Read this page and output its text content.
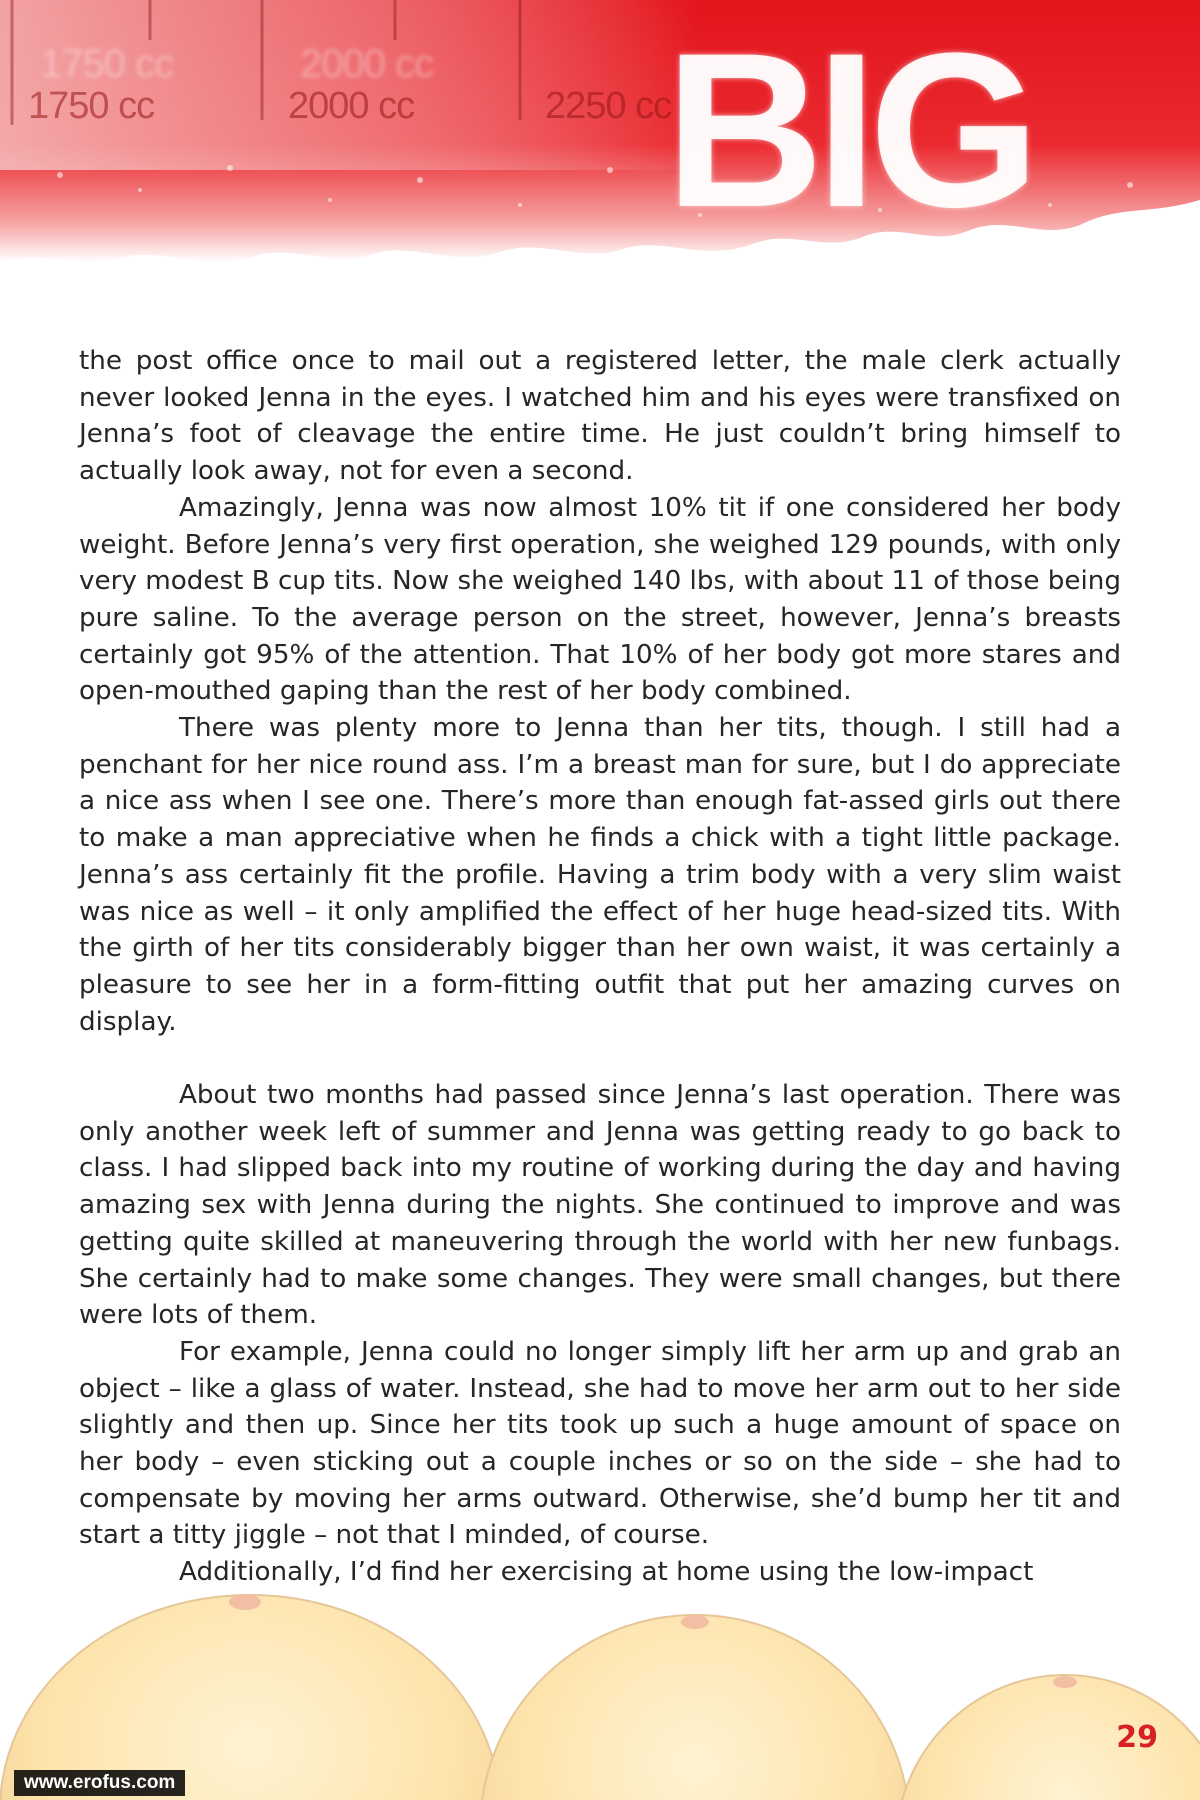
1750 cc
1750 cc
2000 cc
2000 cc	2250 cc
BIG

the post office once to mail out a registered letter, the male clerk actually never looked Jenna in the eyes. I watched him and his eyes were transfixed on Jenna’s foot of cleavage the entire time. He just couldn’t bring himself to actually look away, not for even a second.

Amazingly, Jenna was now almost 10% tit if one considered her body weight. Before Jenna’s very first operation, she weighed 129 pounds, with only very modest B cup tits. Now she weighed 140 lbs, with about 11 of those being pure saline. To the average person on the street, however, Jenna’s breasts certainly got 95% of the attention. That 10% of her body got more stares and open-mouthed gaping than the rest of her body combined.

There was plenty more to Jenna than her tits, though. I still had a penchant for her nice round ass. I’m a breast man for sure, but I do appreciate a nice ass when I see one. There’s more than enough fat-assed girls out there to make a man appreciative when he finds a chick with a tight little package. Jenna’s ass certainly fit the profile. Having a trim body with a very slim waist was nice as well – it only amplified the effect of her huge head-sized tits. With the girth of her tits considerably bigger than her own waist, it was certainly a pleasure to see her in a form-fitting outfit that put her amazing curves on display.

About two months had passed since Jenna’s last operation. There was only another week left of summer and Jenna was getting ready to go back to class. I had slipped back into my routine of working during the day and having amazing sex with Jenna during the nights. She continued to improve and was getting quite skilled at maneuvering through the world with her new funbags. She certainly had to make some changes. They were small changes, but there were lots of them.

For example, Jenna could no longer simply lift her arm up and grab an object – like a glass of water. Instead, she had to move her arm out to her side slightly and then up. Since her tits took up such a huge amount of space on her body – even sticking out a couple inches or so on the side – she had to compensate by moving her arms outward. Otherwise, she’d bump her tit and start a titty jiggle – not that I minded, of course.

Additionally, I’d find her exercising at home using the low-impact

29
www.erofus.com
